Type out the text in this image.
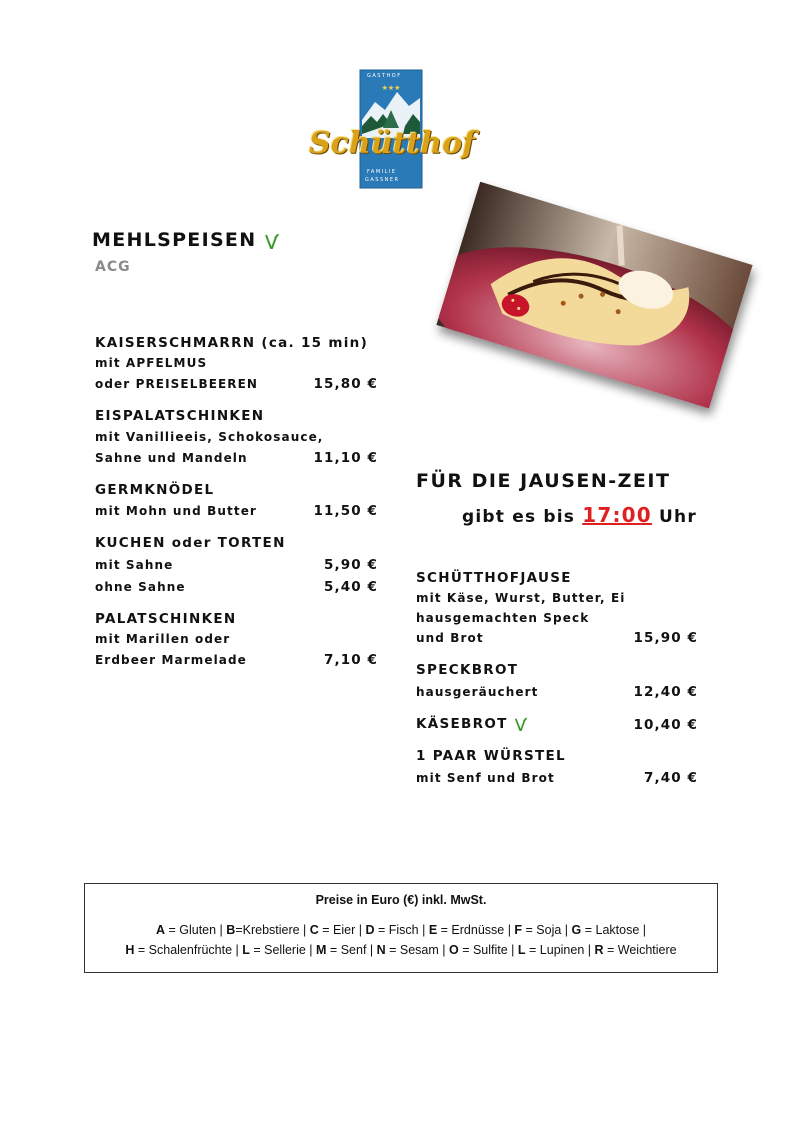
★★★
GASTHOF
Schütthof
FAMILIE
GASSNER
MEHLSPEISEN
ACG
KAISERSCHMARRN (ca. 15 min)
mit APFELMUS
oder PREISELBEEREN	15,80 €
EISPALATSCHINKEN
mit Vanillieeis, Schokosauce,
Sahne und Mandeln	11,10 €
GERMKNÖDEL
mit Mohn und Butter	11,50 €
KUCHEN oder TORTEN
mit Sahne	5,90 €
ohne Sahne	5,40 €
PALATSCHINKEN
mit Marillen oder
Erdbeer Marmelade	7,10 €
FÜR DIE JAUSEN-ZEIT
gibt es bis 17:00 Uhr
SCHÜTTHOFJAUSE
mit Käse, Wurst, Butter, Ei
hausgemachten Speck
und Brot	15,90 €
SPECKBROT
hausgeräuchert	12,40 €
KÄSEBROT	10,40 €
1 PAAR WÜRSTEL
mit Senf und Brot	7,40 €
Preise in Euro (€) inkl. MwSt.
A = Gluten | B=Krebstiere | C = Eier | D = Fisch | E = Erdnüsse | F = Soja | G = Laktose |
H = Schalenfrüchte | L = Sellerie | M = Senf | N = Sesam | O = Sulfite | L = Lupinen | R = Weichtiere
